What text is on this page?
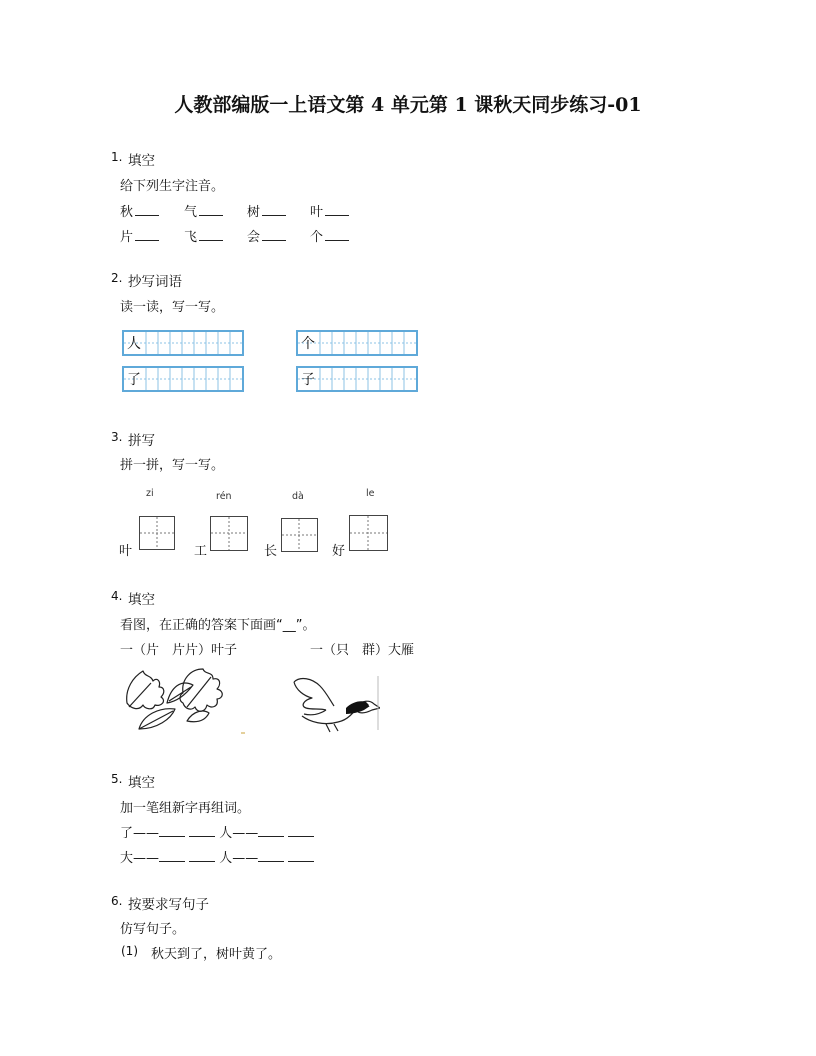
人教部编版一上语文第 4 单元第 1 课秋天同步练习-01
1. 填空
给下列生字注音。
秋	气	树	叶
片	飞	会	个
2. 抄写词语
读一读，写一写。
人	个
了	子
3. 拼写
拼一拼，写一写。
zi	rén	dà	le
叶	工	长	好
4. 填空
看图，在正确的答案下面画“__”。
一（片　片片）叶子	一（只　群）大雁
5. 填空
加一笔组新字再组词。
了——	人——
大——	人——
6. 按要求写句子
仿写句子。
(1) 秋天到了，树叶黄了。
